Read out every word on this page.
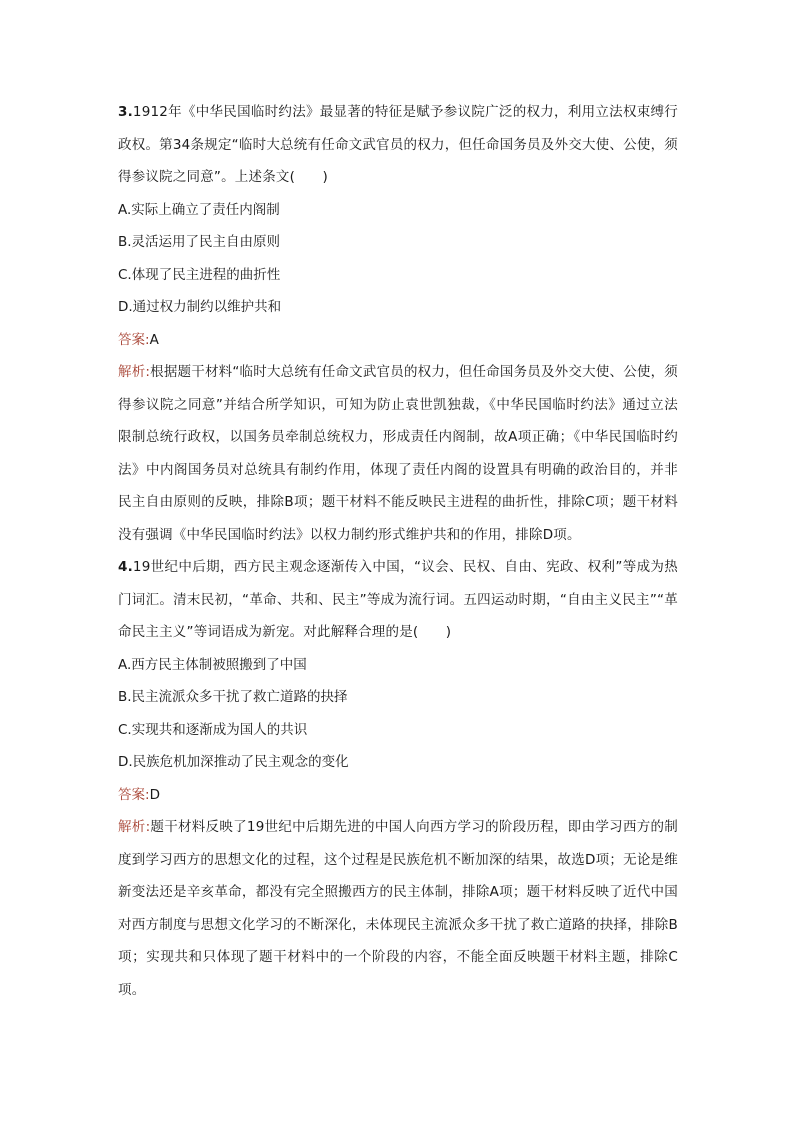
3.1912年《中华民国临时约法》最显著的特征是赋予参议院广泛的权力，利用立法权束缚行政权。第34条规定“临时大总统有任命文武官员的权力，但任命国务员及外交大使、公使，须得参议院之同意”。上述条文(　　)

A.实际上确立了责任内阁制

B.灵活运用了民主自由原则

C.体现了民主进程的曲折性

D.通过权力制约以维护共和

答案:A

解析:根据题干材料“临时大总统有任命文武官员的权力，但任命国务员及外交大使、公使，须得参议院之同意”并结合所学知识，可知为防止袁世凯独裁，《中华民国临时约法》通过立法限制总统行政权，以国务员牵制总统权力，形成责任内阁制，故A项正确；《中华民国临时约法》中内阁国务员对总统具有制约作用，体现了责任内阁的设置具有明确的政治目的，并非民主自由原则的反映，排除B项；题干材料不能反映民主进程的曲折性，排除C项；题干材料没有强调《中华民国临时约法》以权力制约形式维护共和的作用，排除D项。

4.19世纪中后期，西方民主观念逐渐传入中国，“议会、民权、自由、宪政、权利”等成为热门词汇。清末民初，“革命、共和、民主”等成为流行词。五四运动时期，“自由主义民主”“革命民主主义”等词语成为新宠。对此解释合理的是(　　)

A.西方民主体制被照搬到了中国

B.民主流派众多干扰了救亡道路的抉择

C.实现共和逐渐成为国人的共识

D.民族危机加深推动了民主观念的变化

答案:D

解析:题干材料反映了19世纪中后期先进的中国人向西方学习的阶段历程，即由学习西方的制度到学习西方的思想文化的过程，这个过程是民族危机不断加深的结果，故选D项；无论是维新变法还是辛亥革命，都没有完全照搬西方的民主体制，排除A项；题干材料反映了近代中国对西方制度与思想文化学习的不断深化，未体现民主流派众多干扰了救亡道路的抉择，排除B项；实现共和只体现了题干材料中的一个阶段的内容，不能全面反映题干材料主题，排除C项。
